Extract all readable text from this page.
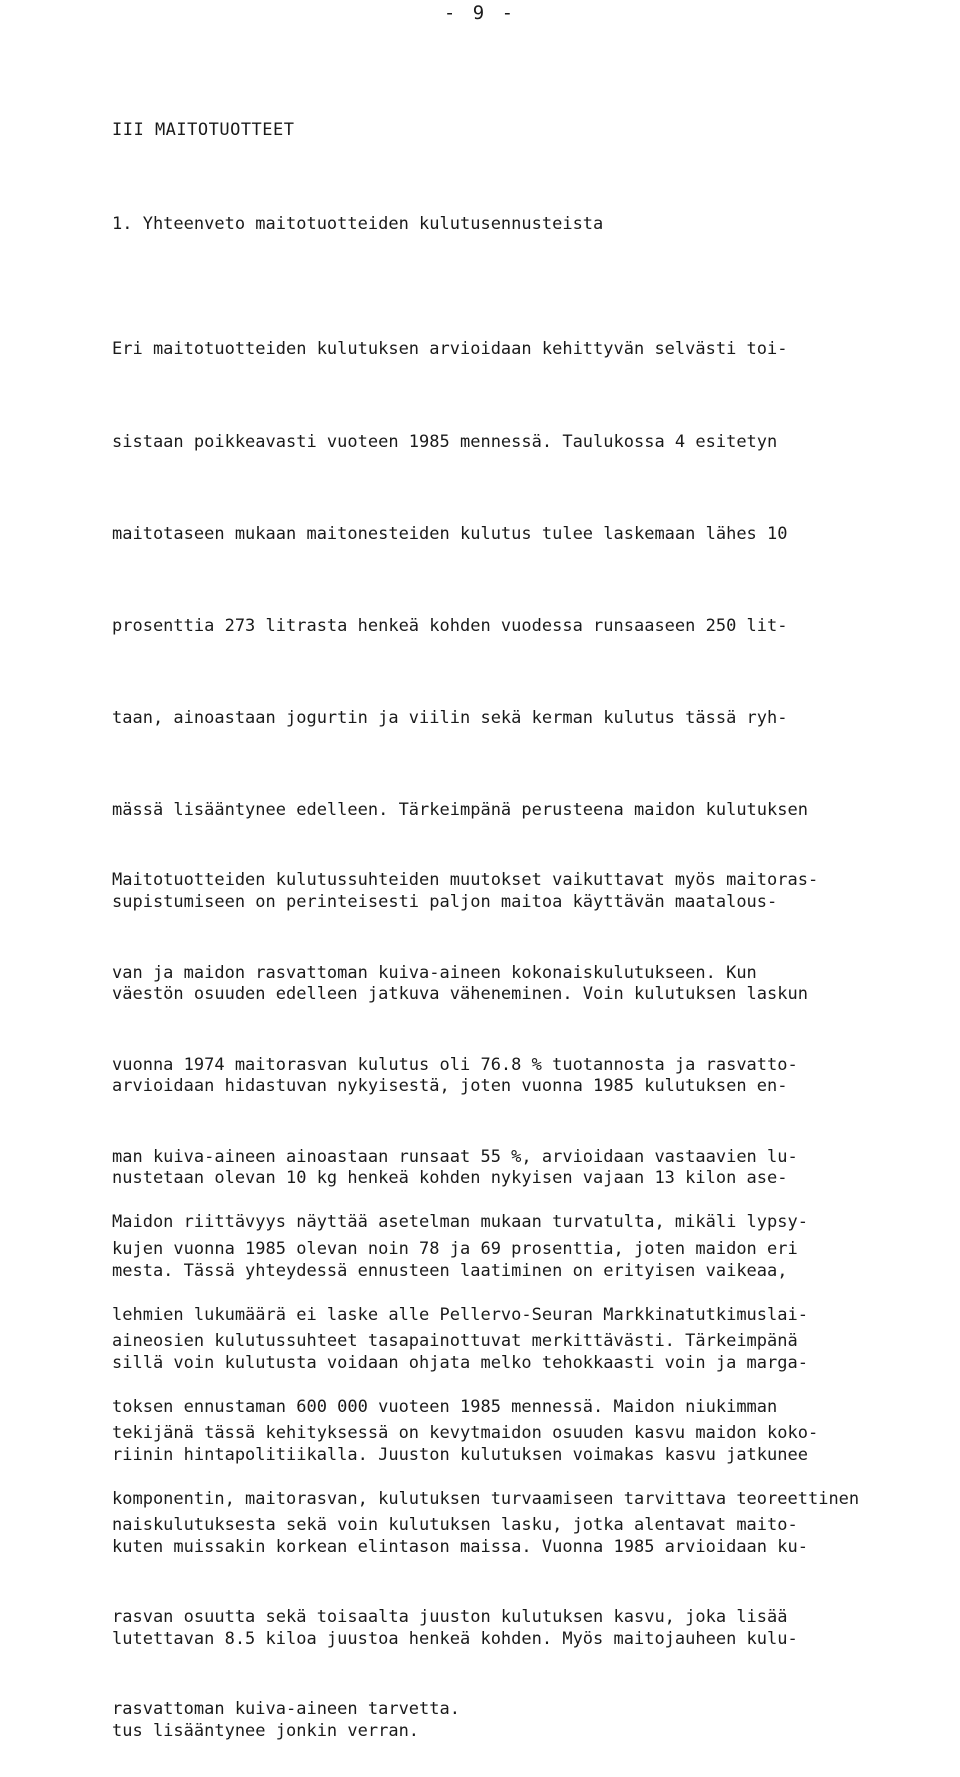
- 9 -
III MAITOTUOTTEET
1. Yhteenveto maitotuotteiden kulutusennusteista

Eri maitotuotteiden kulutuksen arvioidaan kehittyvän selvästi toi-

sistaan poikkeavasti vuoteen 1985 mennessä. Taulukossa 4 esitetyn

maitotaseen mukaan maitonesteiden kulutus tulee laskemaan lähes 10

prosenttia 273 litrasta henkeä kohden vuodessa runsaaseen 250 lit-

taan, ainoastaan jogurtin ja viilin sekä kerman kulutus tässä ryh-

mässä lisääntynee edelleen. Tärkeimpänä perusteena maidon kulutuksen

supistumiseen on perinteisesti paljon maitoa käyttävän maatalous-

väestön osuuden edelleen jatkuva väheneminen. Voin kulutuksen laskun

arvioidaan hidastuvan nykyisestä, joten vuonna 1985 kulutuksen en-

nustetaan olevan 10 kg henkeä kohden nykyisen vajaan 13 kilon ase-

mesta. Tässä yhteydessä ennusteen laatiminen on erityisen vaikeaa,

sillä voin kulutusta voidaan ohjata melko tehokkaasti voin ja marga-

riinin hintapolitiikalla. Juuston kulutuksen voimakas kasvu jatkunee

kuten muissakin korkean elintason maissa. Vuonna 1985 arvioidaan ku-

lutettavan 8.5 kiloa juustoa henkeä kohden. Myös maitojauheen kulu-

tus lisääntynee jonkin verran.

Maitotuotteiden kulutussuhteiden muutokset vaikuttavat myös maitoras-

van ja maidon rasvattoman kuiva-aineen kokonaiskulutukseen. Kun

vuonna 1974 maitorasvan kulutus oli 76.8 % tuotannosta ja rasvatto-

man kuiva-aineen ainoastaan runsaat 55 %, arvioidaan vastaavien lu-

kujen vuonna 1985 olevan noin 78 ja 69 prosenttia, joten maidon eri

aineosien kulutussuhteet tasapainottuvat merkittävästi. Tärkeimpänä

tekijänä tässä kehityksessä on kevytmaidon osuuden kasvu maidon koko-

naiskulutuksesta sekä voin kulutuksen lasku, jotka alentavat maito-

rasvan osuutta sekä toisaalta juuston kulutuksen kasvu, joka lisää

rasvattoman kuiva-aineen tarvetta.

Maidon riittävyys näyttää asetelman mukaan turvatulta, mikäli lypsy-

lehmien lukumäärä ei laske alle Pellervo-Seuran Markkinatutkimuslai-

toksen ennustaman 600 000 vuoteen 1985 mennessä. Maidon niukimman

komponentin, maitorasvan, kulutuksen turvaamiseen tarvittava teoreettinen
